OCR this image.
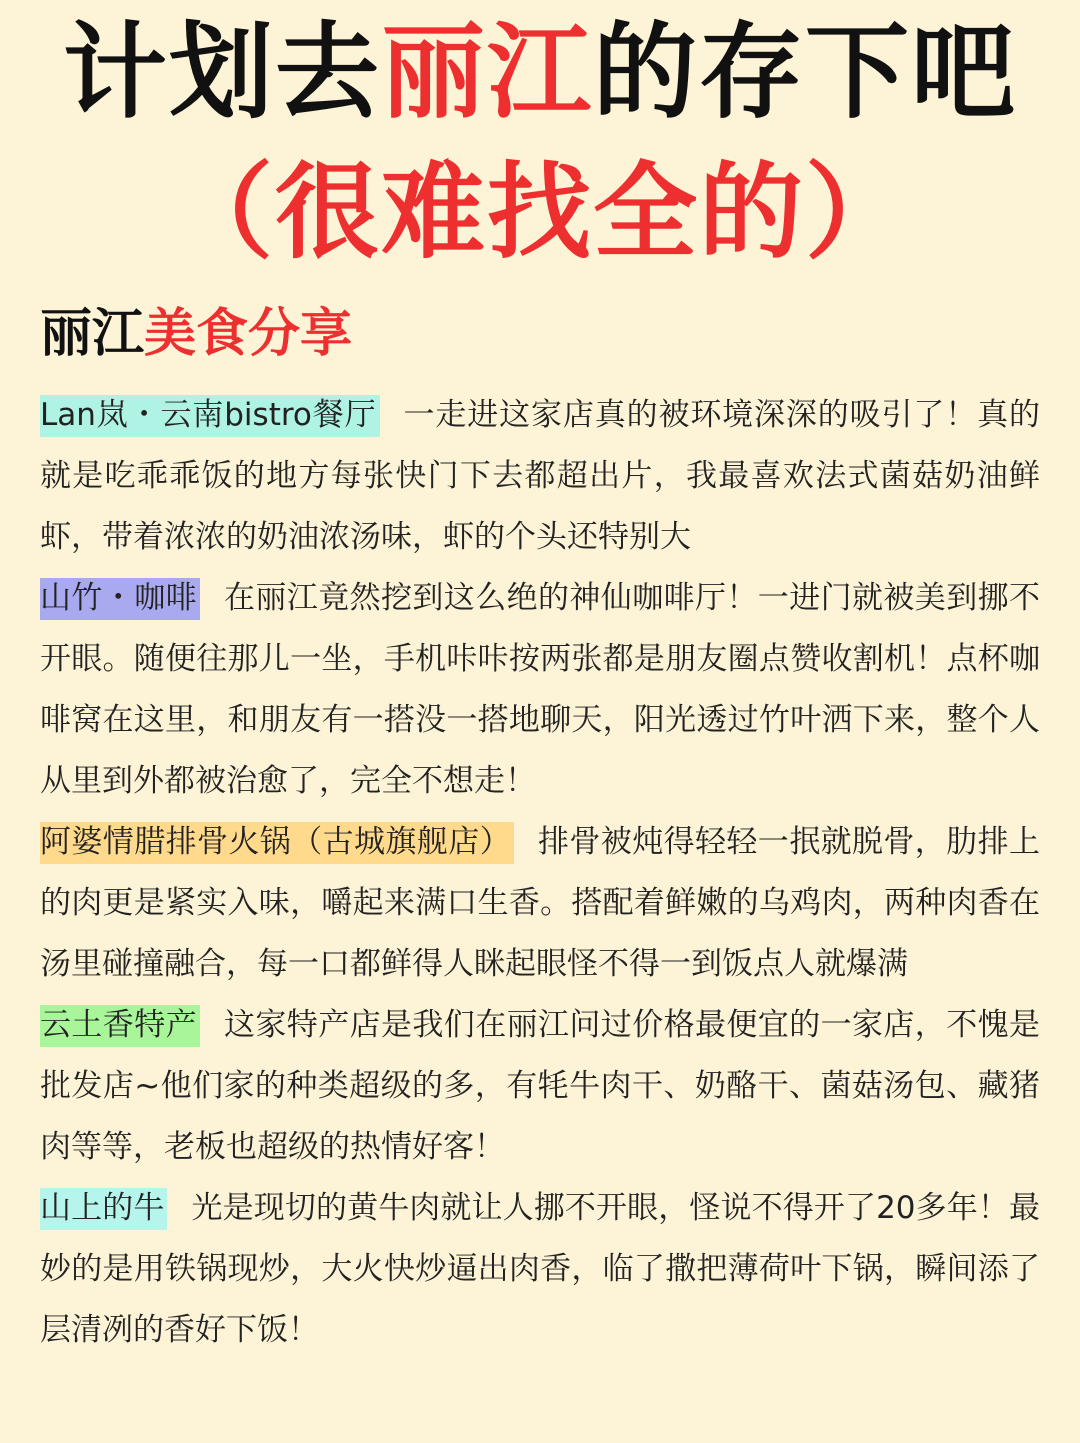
计划去丽江的存下吧
（很难找全的）
丽江美食分享

Lan岚・云南bistro餐厅 一走进这家店真的被环境深深的吸引了！真的就是吃乖乖饭的地方每张快门下去都超出片，我最喜欢法式菌菇奶油鲜虾，带着浓浓的奶油浓汤味，虾的个头还特别大

山竹・咖啡 在丽江竟然挖到这么绝的神仙咖啡厅！一进门就被美到挪不开眼。随便往那儿一坐，手机咔咔按两张都是朋友圈点赞收割机！点杯咖啡窝在这里，和朋友有一搭没一搭地聊天，阳光透过竹叶洒下来，整个人从里到外都被治愈了，完全不想走！

阿婆情腊排骨火锅（古城旗舰店） 排骨被炖得轻轻一抿就脱骨，肋排上的肉更是紧实入味，嚼起来满口生香。搭配着鲜嫩的乌鸡肉，两种肉香在汤里碰撞融合，每一口都鲜得人眯起眼怪不得一到饭点人就爆满

云土香特产 这家特产店是我们在丽江问过价格最便宜的一家店，不愧是批发店~他们家的种类超级的多，有牦牛肉干、奶酪干、菌菇汤包、藏猪肉等等，老板也超级的热情好客！

山上的牛 光是现切的黄牛肉就让人挪不开眼，怪说不得开了20多年！最妙的是用铁锅现炒，大火快炒逼出肉香，临了撒把薄荷叶下锅，瞬间添了层清冽的香好下饭！
